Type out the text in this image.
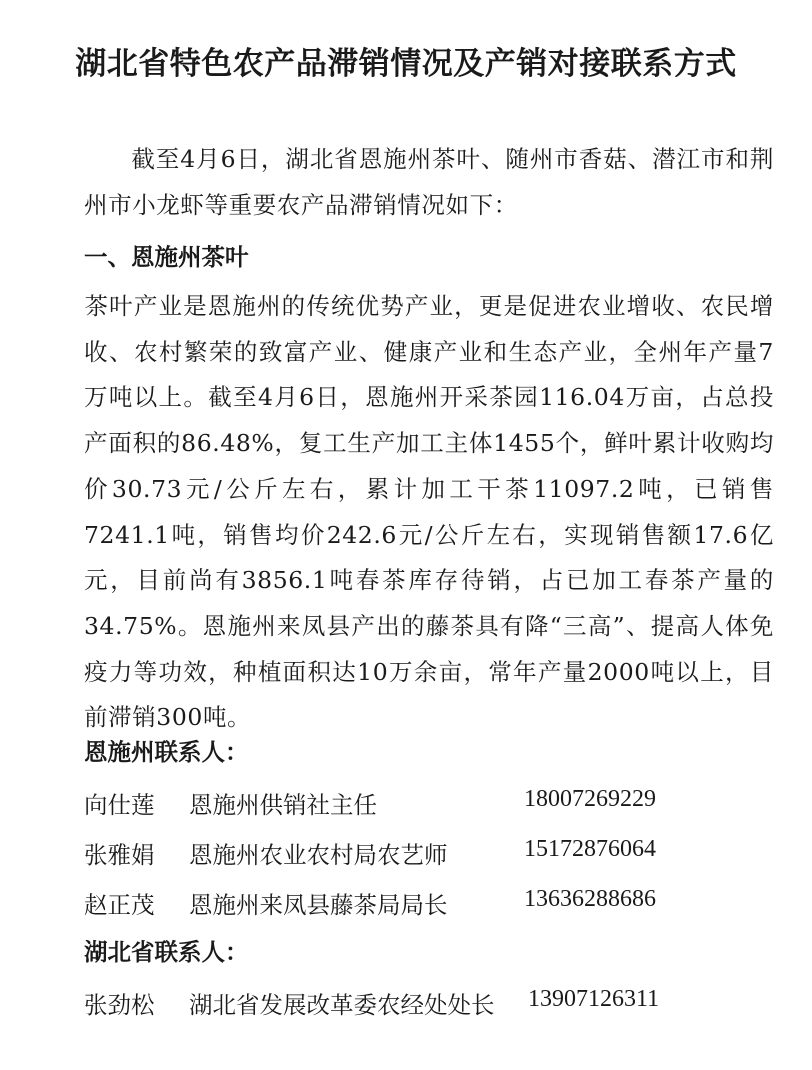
湖北省特色农产品滞销情况及产销对接联系方式
截至4月6日，湖北省恩施州茶叶、随州市香菇、潜江市和荆州市小龙虾等重要农产品滞销情况如下：
一、恩施州茶叶
茶叶产业是恩施州的传统优势产业，更是促进农业增收、农民增收、农村繁荣的致富产业、健康产业和生态产业，全州年产量7万吨以上。截至4月6日，恩施州开采茶园116.04万亩，占总投产面积的86.48%，复工生产加工主体1455个，鲜叶累计收购均价30.73元/公斤左右，累计加工干茶11097.2吨，已销售7241.1吨，销售均价242.6元/公斤左右，实现销售额17.6亿元，目前尚有3856.1吨春茶库存待销，占已加工春茶产量的34.75%。恩施州来凤县产出的藤茶具有降“三高”、提高人体免疫力等功效，种植面积达10万余亩，常年产量2000吨以上，目前滞销300吨。
恩施州联系人：
向仕莲 恩施州供销社主任	18007269229
张雅娟 恩施州农业农村局农艺师	15172876064
赵正茂 恩施州来凤县藤茶局局长	13636288686
湖北省联系人：
张劲松 湖北省发展改革委农经处处长 13907126311
